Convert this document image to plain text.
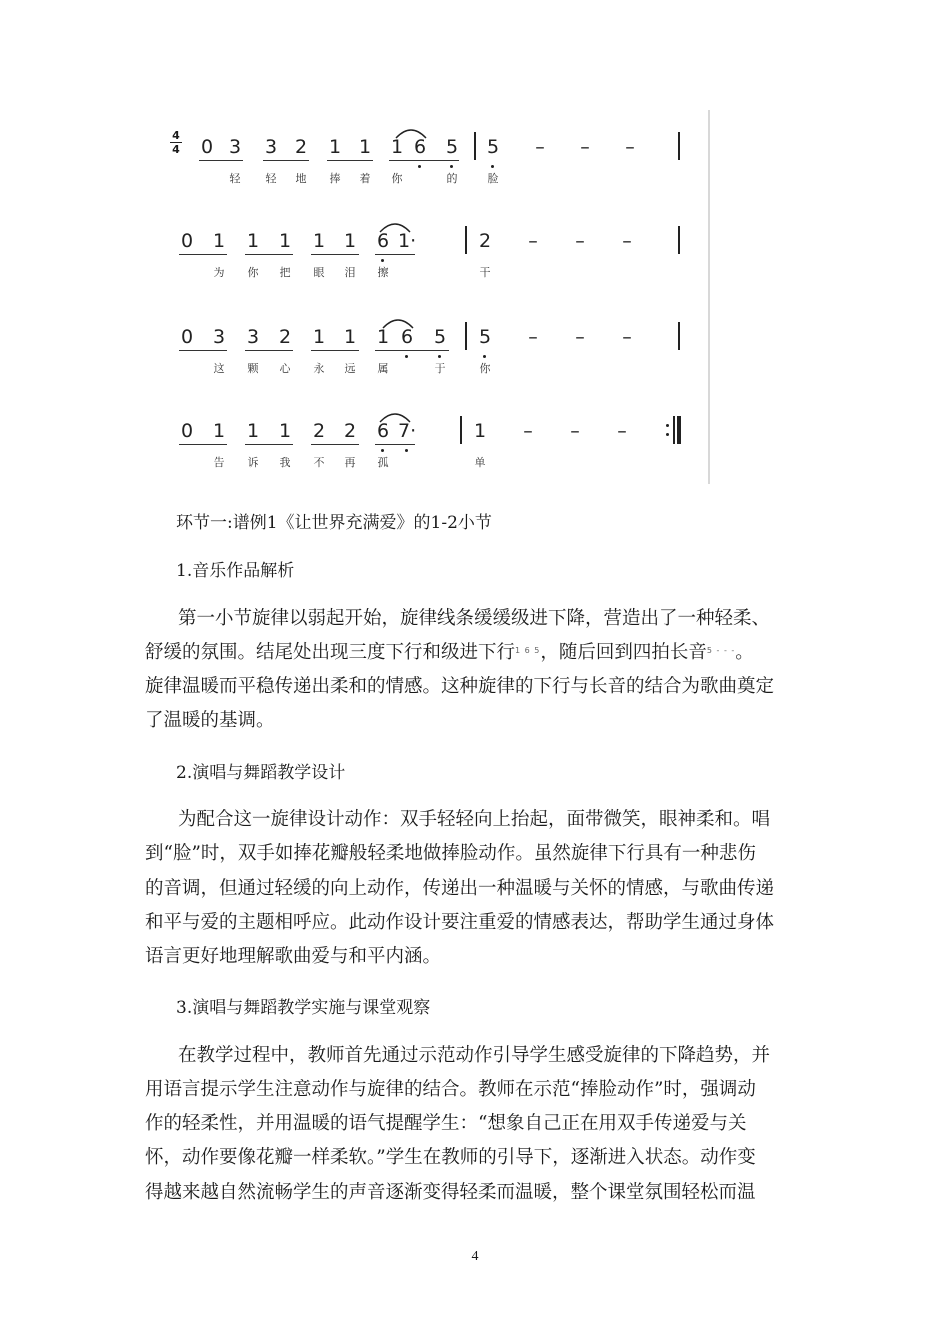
4
4 0 3 3 2 1 1 1 6 5 5 – – –
轻 轻 地 捧 着 你	的	脸
0 1 1 1 1 1 6 1·	2 – – –
为 你 把 眼 泪 擦	干
0 3 3 2 1 1 1 6 5 5 – – –
这 颗 心 永 远 属	于	你
0 1 1 1 2 2 6 7·	1 – – –
告 诉 我 不 再 孤	单

环节一:谱例1《让世界充满爱》的1-2小节

1.音乐作品解析

第一小节旋律以弱起开始，旋律线条缓缓级进下降，营造出了一种轻柔、

舒缓的氛围。结尾处出现三度下行和级进下行1 6 5，随后回到四拍长音5 - - -。

旋律温暖而平稳传递出柔和的情感。这种旋律的下行与长音的结合为歌曲奠定

了温暖的基调。

2.演唱与舞蹈教学设计

为配合这一旋律设计动作：双手轻轻向上抬起，面带微笑，眼神柔和。唱

到“脸”时，双手如捧花瓣般轻柔地做捧脸动作。虽然旋律下行具有一种悲伤

的音调，但通过轻缓的向上动作，传递出一种温暖与关怀的情感，与歌曲传递

和平与爱的主题相呼应。此动作设计要注重爱的情感表达，帮助学生通过身体

语言更好地理解歌曲爱与和平内涵。

3.演唱与舞蹈教学实施与课堂观察

在教学过程中，教师首先通过示范动作引导学生感受旋律的下降趋势，并

用语言提示学生注意动作与旋律的结合。教师在示范“捧脸动作”时，强调动

作的轻柔性，并用温暖的语气提醒学生：“想象自己正在用双手传递爱与关

怀，动作要像花瓣一样柔软。”学生在教师的引导下，逐渐进入状态。动作变

得越来越自然流畅学生的声音逐渐变得轻柔而温暖，整个课堂氛围轻松而温

4
